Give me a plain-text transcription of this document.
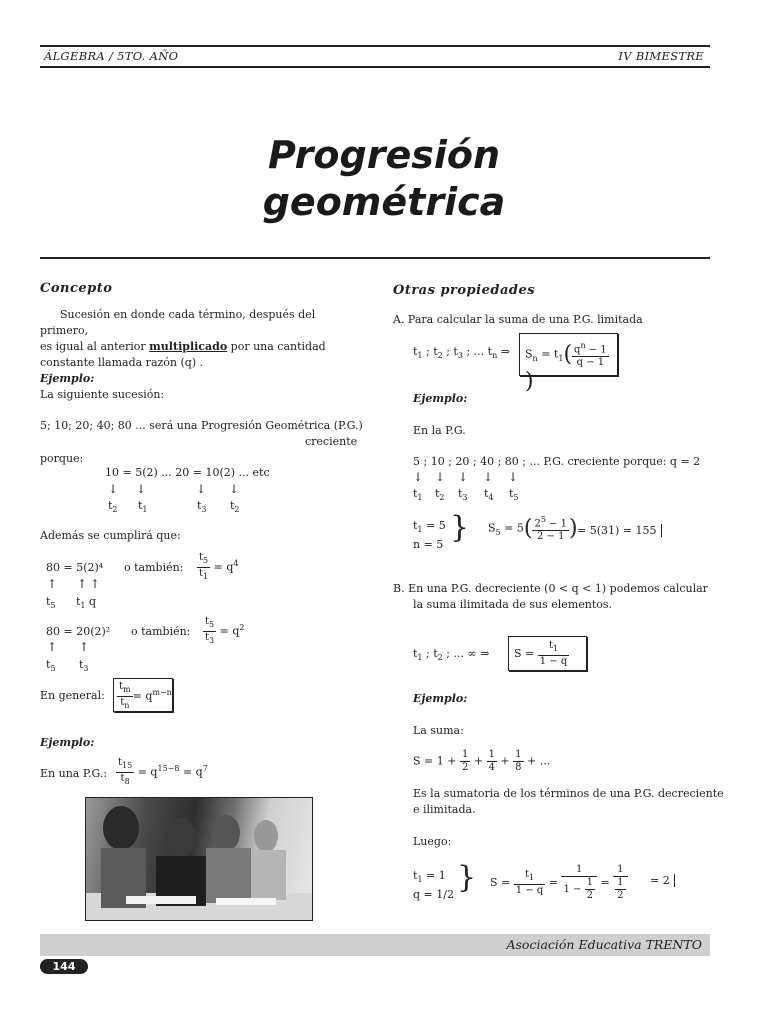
ÁLGEBRA / 5TO. AÑO	IV BIMESTRE
Progresión
geométrica
Concepto
Sucesión en donde cada término, después del primero,
es igual al anterior multiplicado por una cantidad
constante llamada razón (q) .
Ejemplo:
La siguiente sucesión:
5; 10; 20; 40; 80 ... será una Progresión Geométrica (P.G.)
creciente
porque:
10 = 5(2) ... 20 = 10(2) ... etc
↓ ↓	↓ ↓
$t_2$ $t_1$	$t_3$ $t_2$
Además se cumplirá que:
80 = 5(2)⁴ o también: $\frac{t_5}{t_1} = q^4$
↑ ↑ ↑
$t_5$ $t_1$ q
80 = 20(2)² o también: $\frac{t_5}{t_3} = q^2$
↑ ↑
$t_5$ $t_3$
En general: $\frac{t_m}{t_n} = q^{m-n}$
Ejemplo:
En una P.G.: $\frac{t_{15}}{t_8} = q^{15-8} = q^7$
Otras propiedades
A. Para calcular la suma de una P.G. limitada
$t_1$ ; $t_2$ ; $t_3$ ; ... $t_n$ ⇒ $S_n = t_1( \frac{q^n - 1}{q - 1}$
)
Ejemplo:
En la P.G.
5 ; 10 ; 20 ; 40 ; 80 ; ... P.G. creciente porque: q = 2
↓ ↓ ↓ ↓ ↓
$t_1$ $t_2$ $t_3$ $t_4$ $t_5$
$t_1 = 5$
n = 5 } $S_5 = 5( \frac{2^5 - 1}{2 - 1}$ ) = 5(31) = 155
B. En una P.G. decreciente (0 < q < 1) podemos calcular
la suma ilimitada de sus elementos.
$t_1$ ; $t_2$ ; ... ∞ ⇒ $S = \frac{t_1}{1 - q}$
Ejemplo:
La suma:
$S = 1 + \frac{1}{2} + \frac{1}{4} + \frac{1}{8}$ + ...
Es la sumatoria de los términos de una P.G. decreciente
e ilimitada.
Luego:
$t_1 = 1$
q = 1/2 } $S = \frac{t_1}{1 - q} = \frac{1}{1 - \frac{1}{2}} = \frac{1}{\frac{1}{2}} = 2$
Asociación Educativa TRENTO
144
